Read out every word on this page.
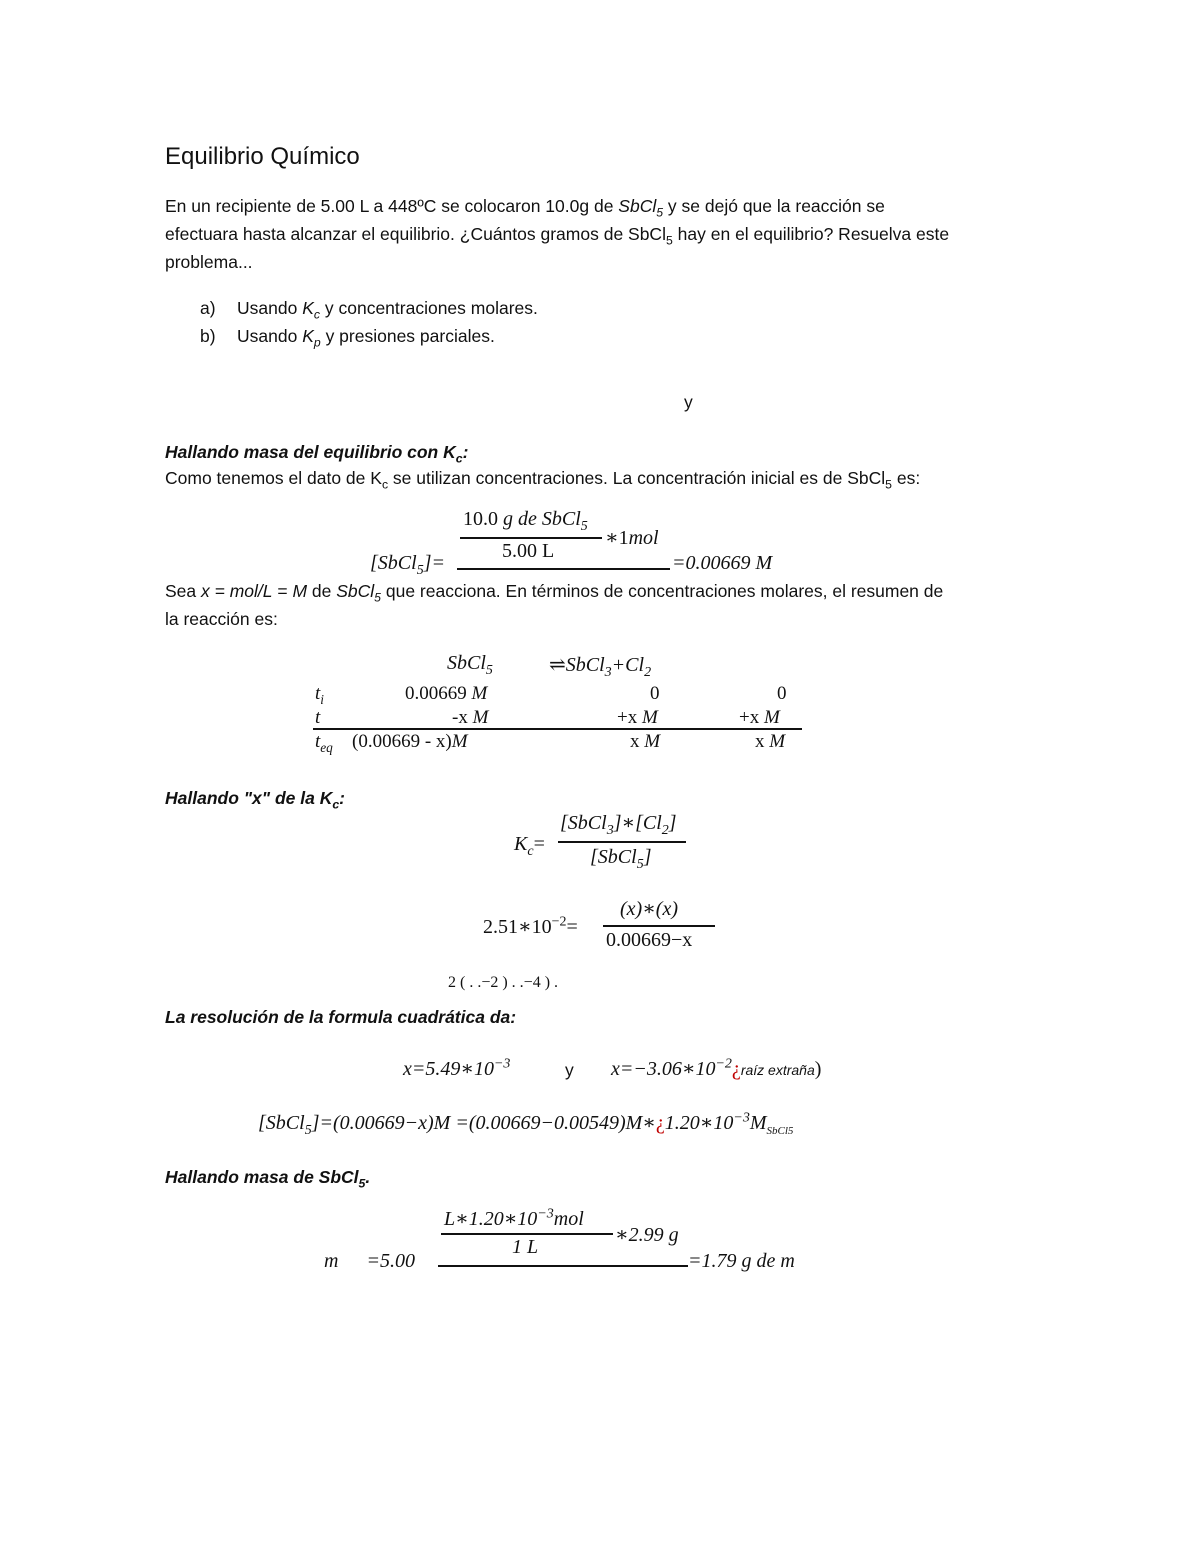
Equilibrio Químico
En un recipiente de 5.00 L a 448ºC se colocaron 10.0g de SbCl$_5$ y se dejó que la reacción se
efectuara hasta alcanzar el equilibrio. ¿Cuántos gramos de SbCl$_5$ hay en el equilibrio? Resuelva este
problema...
a) Usando $K_c$ y concentraciones molares.
b) Usando $K_p$ y presiones parciales.
y
Hallando masa del equilibrio con $K_c$:
Como tenemos el dato de $K_c$ se utilizan concentraciones. La concentración inicial es de SbCl$_5$ es:
10.0 g de SbCl$_5$
5.00 L
∗1mol
[SbCl$_5$]=	=0.00669 M
Sea x = mol/L = M de SbCl$_5$ que reacciona. En términos de concentraciones molares, el resumen de
la reacción es:
SbCl$_5$	$\rightleftharpoons SbCl_3+Cl_2$
$t_i$	0.00669 M	0	0
t	-x M	+x M	+x M
$t_{eq}$ (0.00669 - x)M	x M	x M
Hallando "x" de la $K_c$:
$K_c=$
$[SbCl_3]∗[Cl_2]$
[SbCl$_5$]
$2.51∗10^{-2}=$
(x)∗(x)
0.00669−x
2 ( . .−2 ) . .−4 ) .
La resolución de la formula cuadrática da:
$x=5.49∗10^{-3}$	y $x=-3.06∗10^{-2}¿raíz$ extraña)
[SbCl$_5$]=(0.00669−x)M $=(0.00669-0.00549)M∗¿1.20∗10^{-3}M_{SbCl5}$
Hallando masa de SbCl$_5$.
$L∗1.20∗10^{-3}mol$
1 L
∗2.99 g
m =5.00	=1.79 g de m
